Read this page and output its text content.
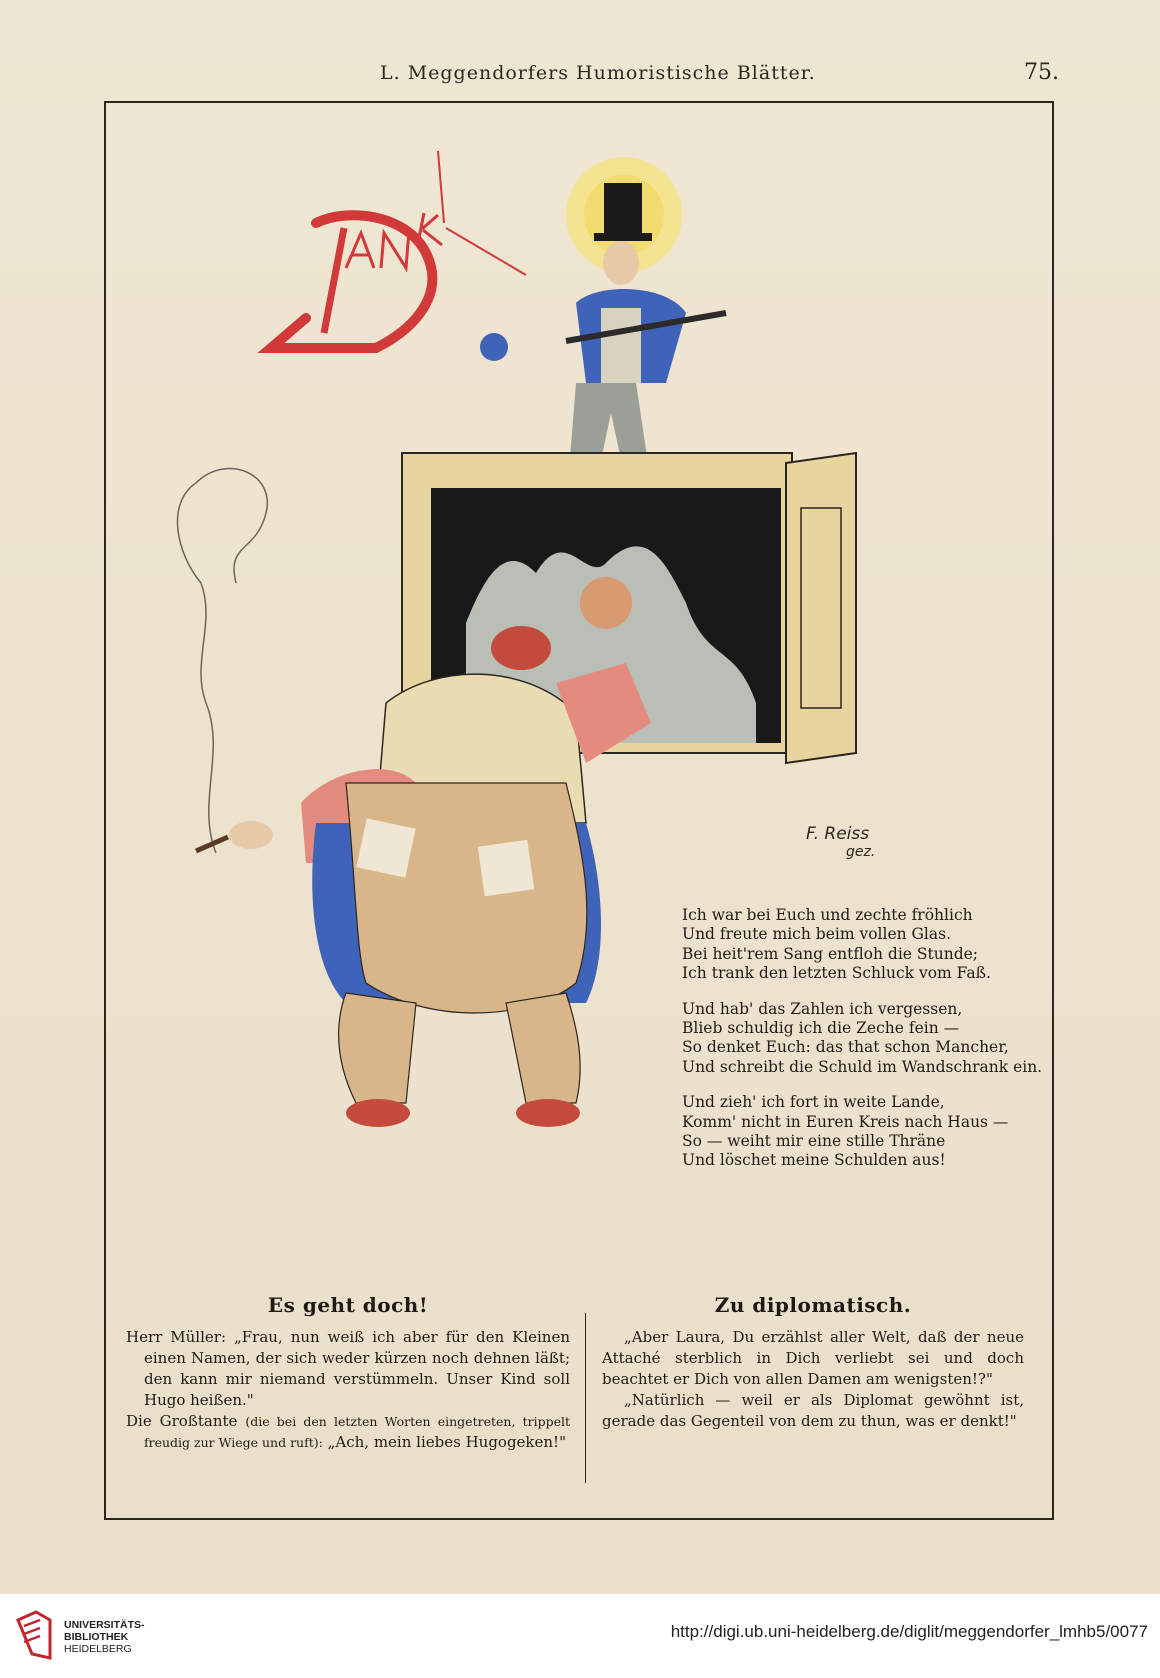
L. Meggendorfers Humoristische Blätter.	75.
F. Reiss
gez.
Ich war bei Euch und zechte fröhlich
Und freute mich beim vollen Glas.
Bei heit'rem Sang entfloh die Stunde;
Ich trank den letzten Schluck vom Faß.
Und hab' das Zahlen ich vergessen,
Blieb schuldig ich die Zeche fein —
So denket Euch: das that schon Mancher,
Und schreibt die Schuld im Wandschrank ein.
Und zieh' ich fort in weite Lande,
Komm' nicht in Euren Kreis nach Haus —
So — weiht mir eine stille Thräne
Und löschet meine Schulden aus!
Es geht doch!
Herr Müller: „Frau, nun weiß ich aber für den Kleinen einen Namen, der sich weder kürzen noch dehnen läßt; den kann mir niemand verstümmeln. Unser Kind soll Hugo heißen."
Die Großtante (die bei den letzten Worten eingetreten, trippelt freudig zur Wiege und ruft): „Ach, mein liebes Hugogeken!"
Zu diplomatisch.
„Aber Laura, Du erzählst aller Welt, daß der neue Attaché sterblich in Dich verliebt sei und doch beachtet er Dich von allen Damen am wenigsten!?"
„Natürlich — weil er als Diplomat gewöhnt ist, gerade das Gegenteil von dem zu thun, was er denkt!"
UNIVERSITÄTS-
BIBLIOTHEK
HEIDELBERG
http://digi.ub.uni-heidelberg.de/diglit/meggendorfer_lmhb5/0077
